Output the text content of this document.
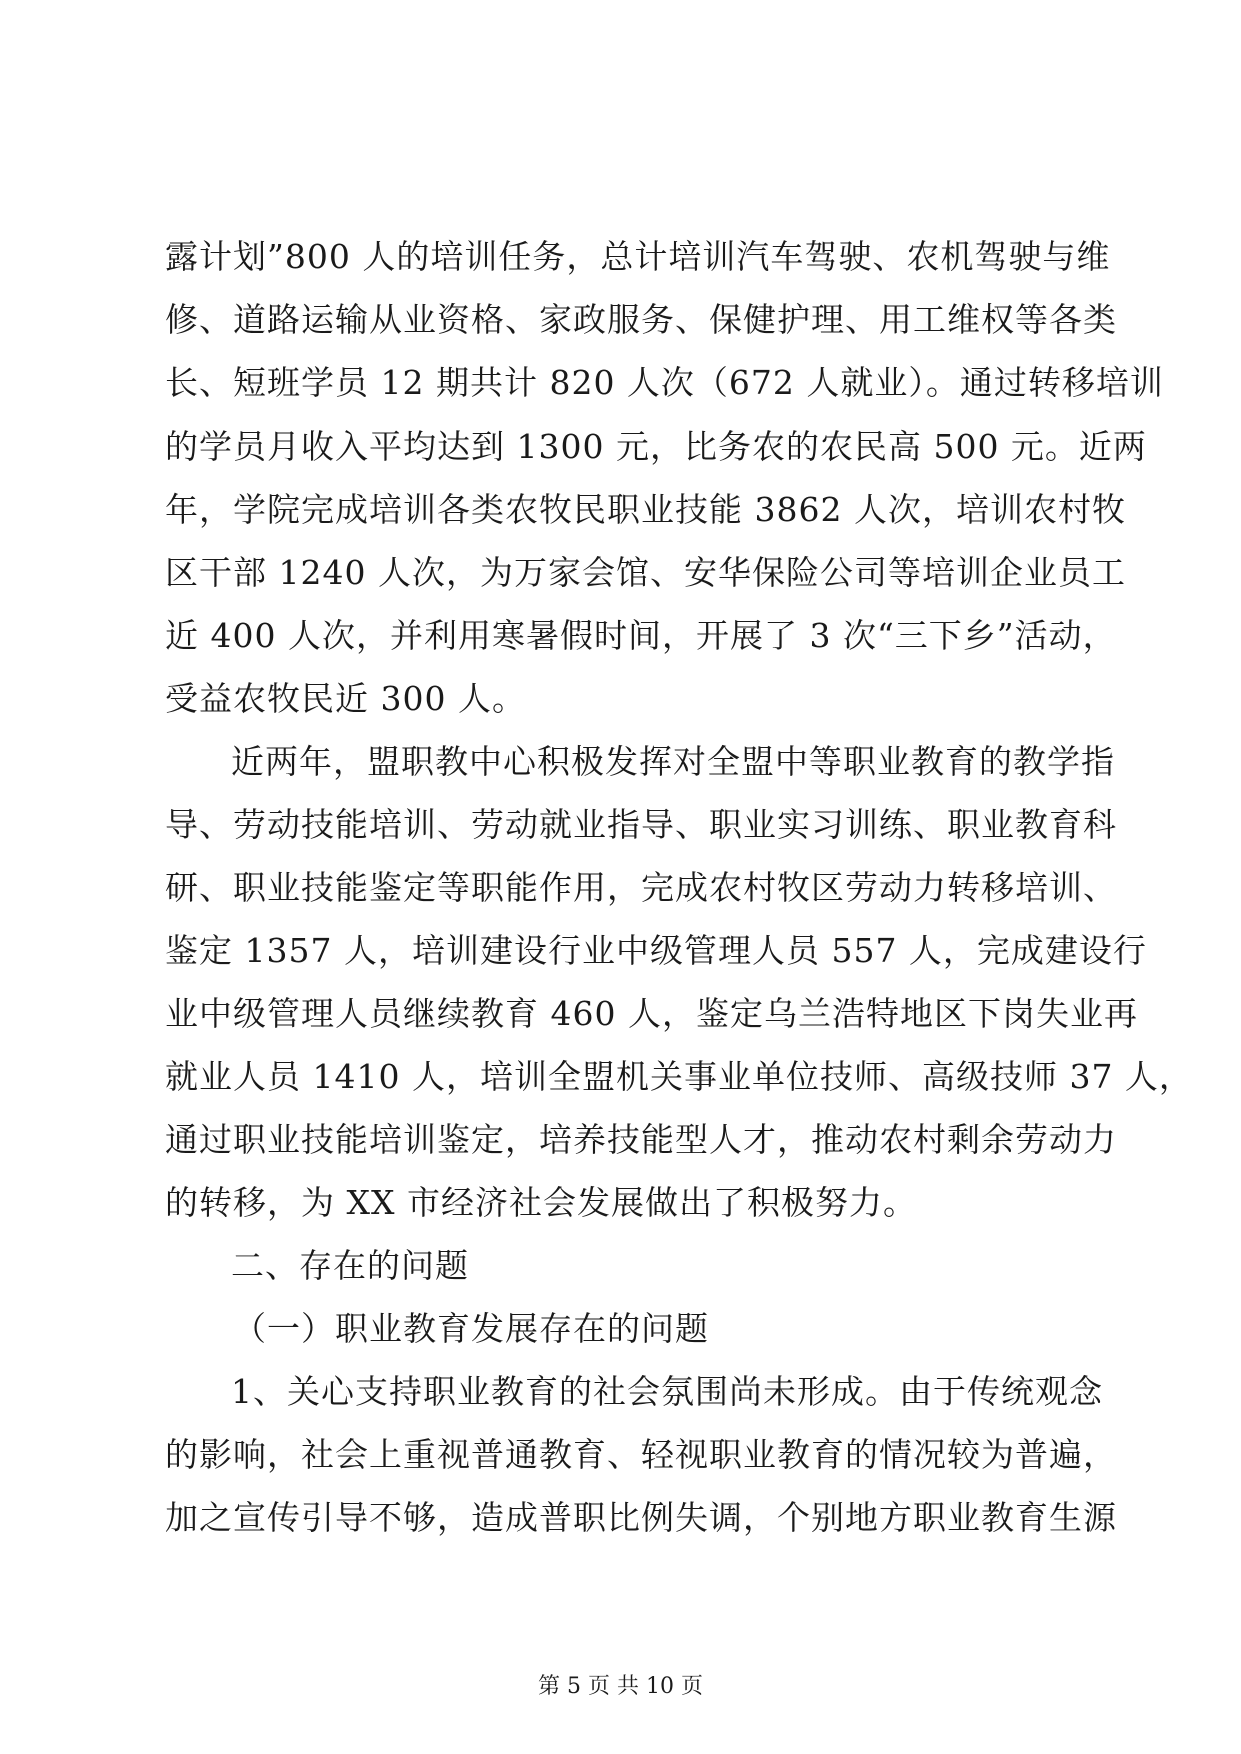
露计划”800 人的培训任务，总计培训汽车驾驶、农机驾驶与维
修、道路运输从业资格、家政服务、保健护理、用工维权等各类
长、短班学员 12 期共计 820 人次（672 人就业）。通过转移培训
的学员月收入平均达到 1300 元，比务农的农民高 500 元。近两
年，学院完成培训各类农牧民职业技能 3862 人次，培训农村牧
区干部 1240 人次，为万家会馆、安华保险公司等培训企业员工
近 400 人次，并利用寒暑假时间，开展了 3 次“三下乡”活动，
受益农牧民近 300 人。
近两年，盟职教中心积极发挥对全盟中等职业教育的教学指
导、劳动技能培训、劳动就业指导、职业实习训练、职业教育科
研、职业技能鉴定等职能作用，完成农村牧区劳动力转移培训、
鉴定 1357 人，培训建设行业中级管理人员 557 人，完成建设行
业中级管理人员继续教育 460 人，鉴定乌兰浩特地区下岗失业再
就业人员 1410 人，培训全盟机关事业单位技师、高级技师 37 人，
通过职业技能培训鉴定，培养技能型人才，推动农村剩余劳动力
的转移，为 XX 市经济社会发展做出了积极努力。
二、存在的问题
（一）职业教育发展存在的问题
1、关心支持职业教育的社会氛围尚未形成。由于传统观念
的影响，社会上重视普通教育、轻视职业教育的情况较为普遍，
加之宣传引导不够，造成普职比例失调，个别地方职业教育生源
第 5 页 共 10 页
